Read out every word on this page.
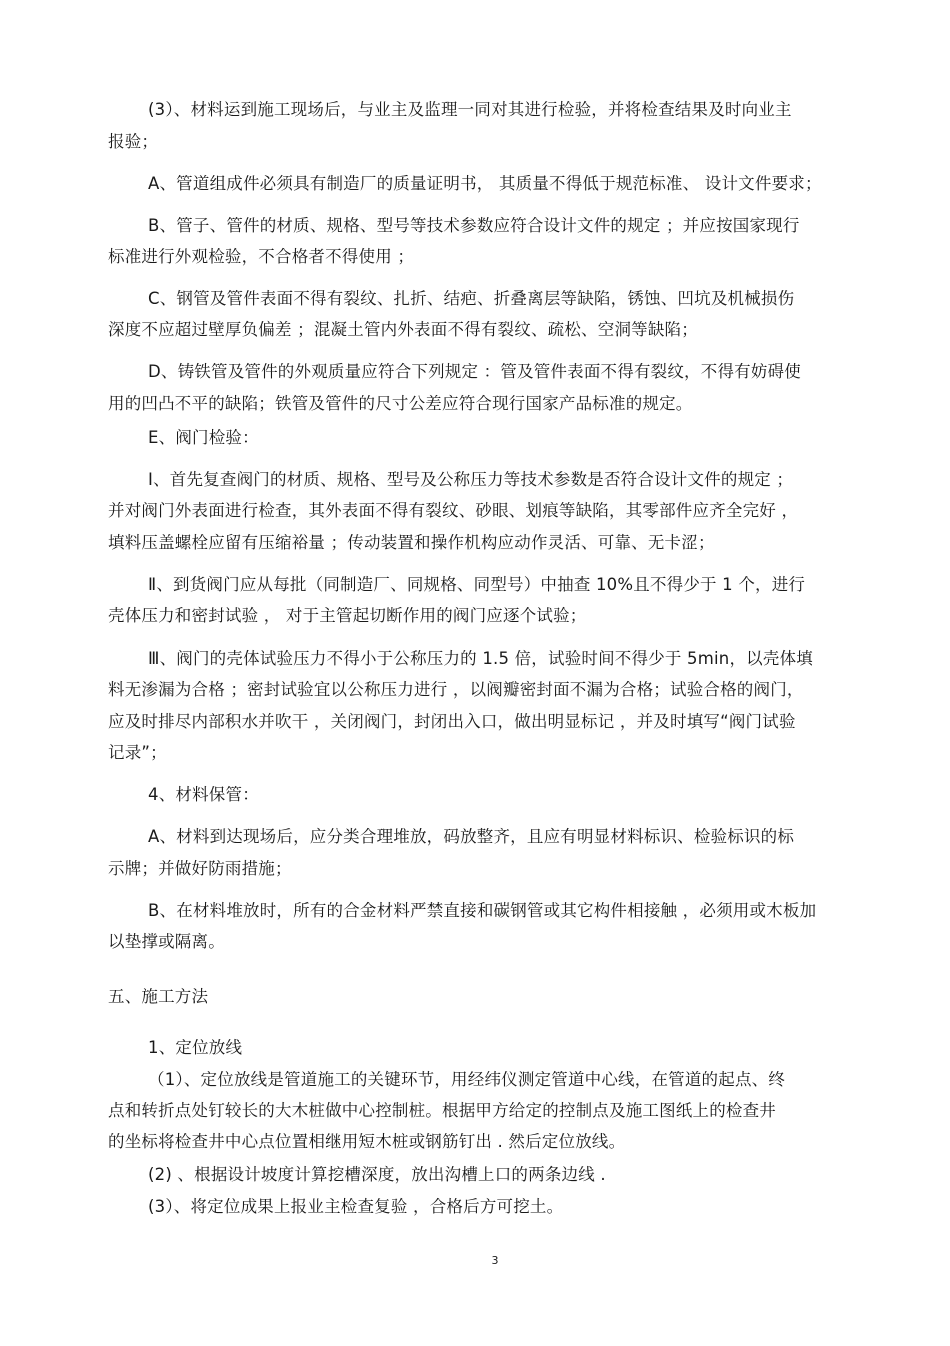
(3）、材料运到施工现场后，与业主及监理一同对其进行检验，并将检查结果及时向业主
报验；
A、管道组成件必须具有制造厂的质量证明书， 其质量不得低于规范标准、 设计文件要求；
B、管子、管件的材质、规格、型号等技术参数应符合设计文件的规定 ；并应按国家现行
标准进行外观检验，不合格者不得使用 ；
C、钢管及管件表面不得有裂纹、扎折、结疤、折叠离层等缺陷，锈蚀、凹坑及机械损伤
深度不应超过壁厚负偏差 ；混凝土管内外表面不得有裂纹、疏松、空洞等缺陷；
D、铸铁管及管件的外观质量应符合下列规定 ：管及管件表面不得有裂纹，不得有妨碍使
用的凹凸不平的缺陷；铁管及管件的尺寸公差应符合现行国家产品标准的规定。
E、阀门检验：
Ⅰ、首先复查阀门的材质、规格、型号及公称压力等技术参数是否符合设计文件的规定 ；
并对阀门外表面进行检查，其外表面不得有裂纹、砂眼、划痕等缺陷，其零部件应齐全完好 ，
填料压盖螺栓应留有压缩裕量 ；传动装置和操作机构应动作灵活、可靠、无卡涩；
Ⅱ、到货阀门应从每批（同制造厂、同规格、同型号）中抽查 10%且不得少于 1 个，进行
壳体压力和密封试验 ， 对于主管起切断作用的阀门应逐个试验；
Ⅲ、阀门的壳体试验压力不得小于公称压力的 1.5 倍，试验时间不得少于 5min，以壳体填
料无渗漏为合格 ；密封试验宜以公称压力进行 ，以阀瓣密封面不漏为合格；试验合格的阀门，
应及时排尽内部积水并吹干 ，关闭阀门，封闭出入口，做出明显标记 ，并及时填写“阀门试验
记录”；
4、材料保管：
A、材料到达现场后，应分类合理堆放，码放整齐，且应有明显材料标识、检验标识的标
示牌；并做好防雨措施；
B、在材料堆放时，所有的合金材料严禁直接和碳钢管或其它构件相接触 ，必须用或木板加
以垫撑或隔离。
五、施工方法
1、定位放线
（1）、定位放线是管道施工的关键环节，用经纬仪测定管道中心线，在管道的起点、终
点和转折点处钉较长的大木桩做中心控制桩。根据甲方给定的控制点及施工图纸上的检查井
的坐标将检查井中心点位置相继用短木桩或钢筋钉出 . 然后定位放线。
(2) 、根据设计坡度计算挖槽深度，放出沟槽上口的两条边线 .
(3）、将定位成果上报业主检查复验 ，合格后方可挖土。
3
